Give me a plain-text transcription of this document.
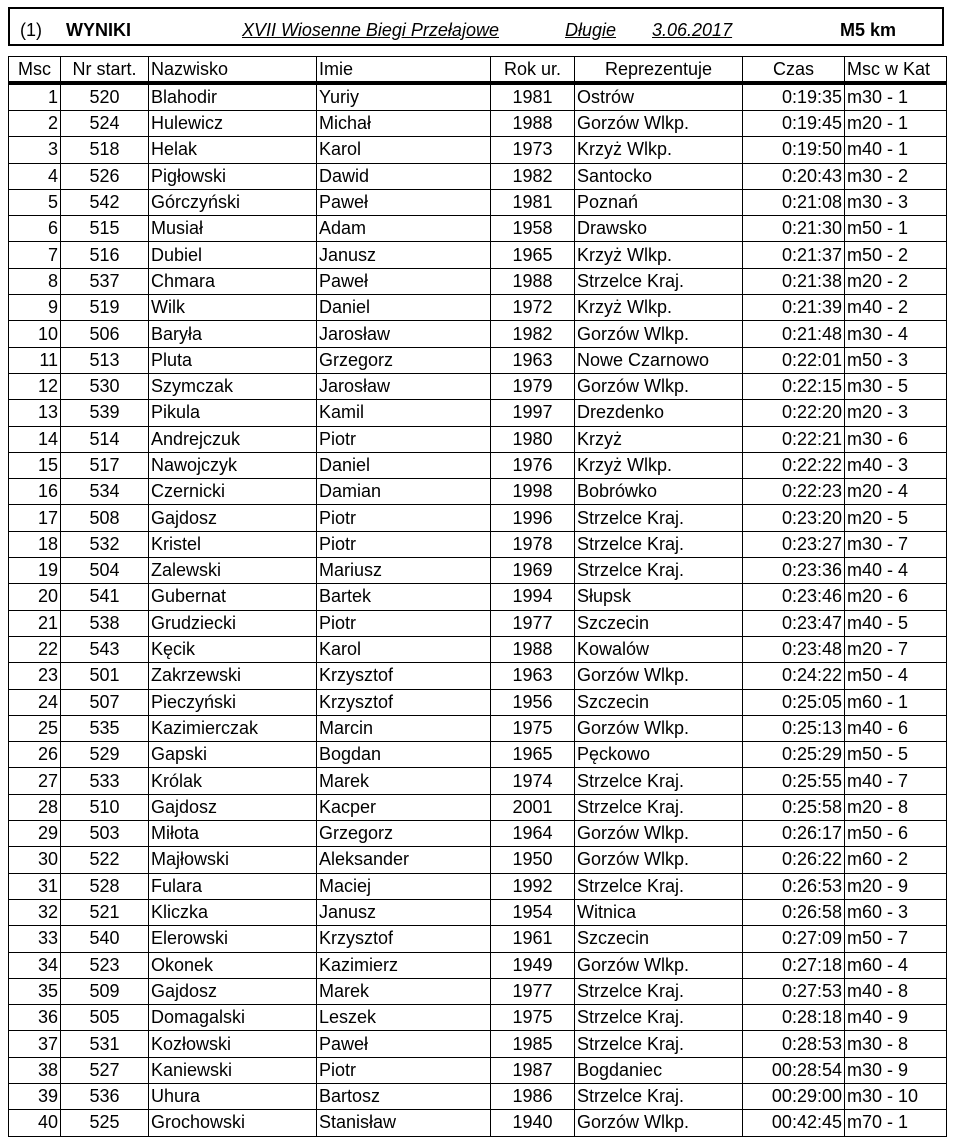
(1) WYNIKI	XVII Wiosenne Biegi Przełajowe	Długie 3.06.2017	M5 km
Msc	Nr start.	Nazwisko	Imie	Rok ur.	Reprezentuje	Czas	Msc w Kat
1	520	Blahodir	Yuriy	1981	Ostrów	0:19:35	m30 - 1
2	524	Hulewicz	Michał	1988	Gorzów Wlkp.	0:19:45	m20 - 1
3	518	Helak	Karol	1973	Krzyż Wlkp.	0:19:50	m40 - 1
4	526	Pigłowski	Dawid	1982	Santocko	0:20:43	m30 - 2
5	542	Górczyński	Paweł	1981	Poznań	0:21:08	m30 - 3
6	515	Musiał	Adam	1958	Drawsko	0:21:30	m50 - 1
7	516	Dubiel	Janusz	1965	Krzyż Wlkp.	0:21:37	m50 - 2
8	537	Chmara	Paweł	1988	Strzelce Kraj.	0:21:38	m20 - 2
9	519	Wilk	Daniel	1972	Krzyż Wlkp.	0:21:39	m40 - 2
10	506	Baryła	Jarosław	1982	Gorzów Wlkp.	0:21:48	m30 - 4
11	513	Pluta	Grzegorz	1963	Nowe Czarnowo	0:22:01	m50 - 3
12	530	Szymczak	Jarosław	1979	Gorzów Wlkp.	0:22:15	m30 - 5
13	539	Pikula	Kamil	1997	Drezdenko	0:22:20	m20 - 3
14	514	Andrejczuk	Piotr	1980	Krzyż	0:22:21	m30 - 6
15	517	Nawojczyk	Daniel	1976	Krzyż Wlkp.	0:22:22	m40 - 3
16	534	Czernicki	Damian	1998	Bobrówko	0:22:23	m20 - 4
17	508	Gajdosz	Piotr	1996	Strzelce Kraj.	0:23:20	m20 - 5
18	532	Kristel	Piotr	1978	Strzelce Kraj.	0:23:27	m30 - 7
19	504	Zalewski	Mariusz	1969	Strzelce Kraj.	0:23:36	m40 - 4
20	541	Gubernat	Bartek	1994	Słupsk	0:23:46	m20 - 6
21	538	Grudziecki	Piotr	1977	Szczecin	0:23:47	m40 - 5
22	543	Kęcik	Karol	1988	Kowalów	0:23:48	m20 - 7
23	501	Zakrzewski	Krzysztof	1963	Gorzów Wlkp.	0:24:22	m50 - 4
24	507	Pieczyński	Krzysztof	1956	Szczecin	0:25:05	m60 - 1
25	535	Kazimierczak	Marcin	1975	Gorzów Wlkp.	0:25:13	m40 - 6
26	529	Gapski	Bogdan	1965	Pęckowo	0:25:29	m50 - 5
27	533	Królak	Marek	1974	Strzelce Kraj.	0:25:55	m40 - 7
28	510	Gajdosz	Kacper	2001	Strzelce Kraj.	0:25:58	m20 - 8
29	503	Miłota	Grzegorz	1964	Gorzów Wlkp.	0:26:17	m50 - 6
30	522	Majłowski	Aleksander	1950	Gorzów Wlkp.	0:26:22	m60 - 2
31	528	Fulara	Maciej	1992	Strzelce Kraj.	0:26:53	m20 - 9
32	521	Kliczka	Janusz	1954	Witnica	0:26:58	m60 - 3
33	540	Elerowski	Krzysztof	1961	Szczecin	0:27:09	m50 - 7
34	523	Okonek	Kazimierz	1949	Gorzów Wlkp.	0:27:18	m60 - 4
35	509	Gajdosz	Marek	1977	Strzelce Kraj.	0:27:53	m40 - 8
36	505	Domagalski	Leszek	1975	Strzelce Kraj.	0:28:18	m40 - 9
37	531	Kozłowski	Paweł	1985	Strzelce Kraj.	0:28:53	m30 - 8
38	527	Kaniewski	Piotr	1987	Bogdaniec	00:28:54	m30 - 9
39	536	Uhura	Bartosz	1986	Strzelce Kraj.	00:29:00	m30 - 10
40	525	Grochowski	Stanisław	1940	Gorzów Wlkp.	00:42:45	m70 - 1
